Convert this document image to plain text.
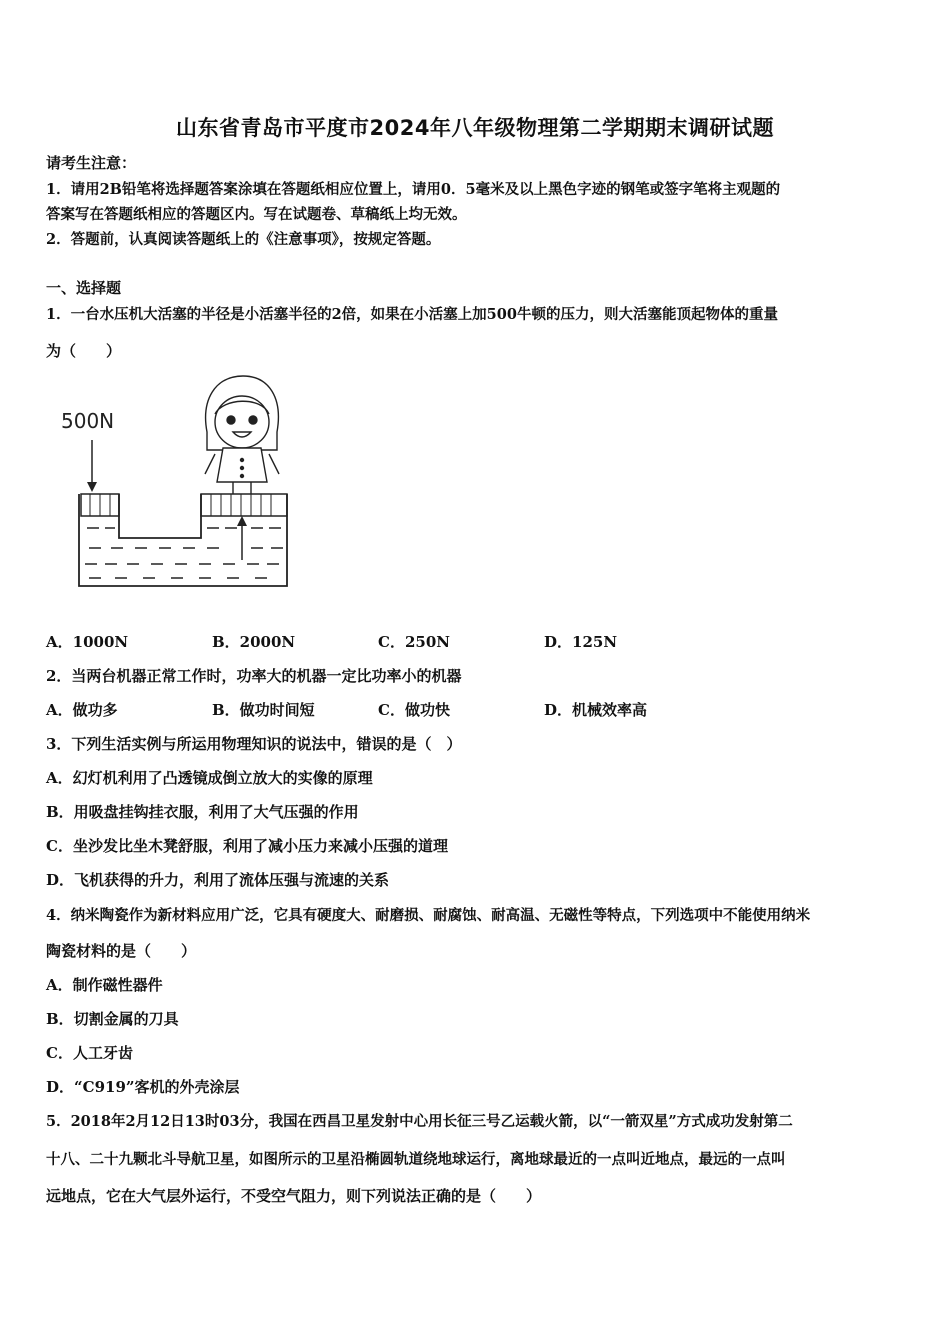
山东省青岛市平度市2024年八年级物理第二学期期末调研试题
请考生注意：
1．请用2B铅笔将选择题答案涂填在答题纸相应位置上，请用0．5毫米及以上黑色字迹的钢笔或签字笔将主观题的
答案写在答题纸相应的答题区内。写在试题卷、草稿纸上均无效。
2．答题前，认真阅读答题纸上的《注意事项》，按规定答题。
一、选择题
1．一台水压机大活塞的半径是小活塞半径的2倍，如果在小活塞上加500牛顿的压力，则大活塞能顶起物体的重量
为（　　）
500N
A．1000N	B．2000N	C．250N	D．125N
2．当两台机器正常工作时，功率大的机器一定比功率小的机器
A．做功多	B．做功时间短	C．做功快	D．机械效率高
3．下列生活实例与所运用物理知识的说法中，错误的是（　）
A．幻灯机利用了凸透镜成倒立放大的实像的原理
B．用吸盘挂钩挂衣服，利用了大气压强的作用
C．坐沙发比坐木凳舒服，利用了减小压力来减小压强的道理
D．飞机获得的升力，利用了流体压强与流速的关系
4．纳米陶瓷作为新材料应用广泛，它具有硬度大、耐磨损、耐腐蚀、耐高温、无磁性等特点，下列选项中不能使用纳米
陶瓷材料的是（　　）
A．制作磁性器件
B．切割金属的刀具
C．人工牙齿
D．“C919”客机的外壳涂层
5．2018年2月12日13时03分，我国在西昌卫星发射中心用长征三号乙运载火箭，以“一箭双星”方式成功发射第二
十八、二十九颗北斗导航卫星，如图所示的卫星沿椭圆轨道绕地球运行，离地球最近的一点叫近地点，最远的一点叫
远地点，它在大气层外运行，不受空气阻力，则下列说法正确的是（　　）
